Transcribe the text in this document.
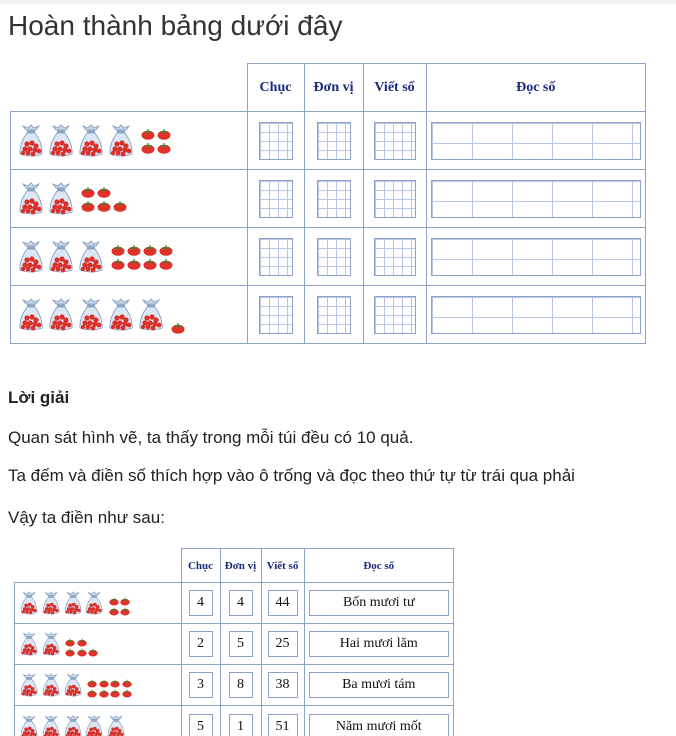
Hoàn thành bảng dưới đây
	Chục	Đơn vị	Viết số	Đọc số

Lời giải
Quan sát hình vẽ, ta thấy trong mỗi túi đều có 10 quả.
Ta đếm và điền số thích hợp vào ô trống và đọc theo thứ tự từ trái qua phải
Vậy ta điền như sau:
	Chục	Đơn vị	Viết số	Đọc số

4	4	44	Bốn mươi tư

2	5	25	Hai mươi lăm

3	8	38	Ba mươi tám

5	1	51	Năm mươi mốt
